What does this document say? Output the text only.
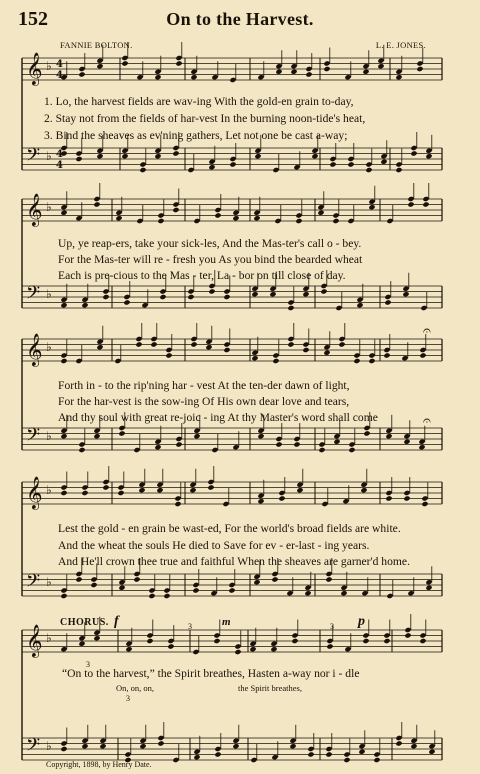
152	On to the Harvest.
FANNIE BOLTON.	L. E. JONES.
𝄞 ♭
𝄢 ♭
𝄞 ♭
𝄢 ♭
𝄞 ♭
𝄢 ♭
𝄞 ♭
𝄢 ♭
𝄞 ♭
𝄢 ♭
4
4
4
4
𝄐
𝄐
1. Lo, the harvest fields are wav-ing With the gold-en grain to-day,
2. Stay not from the fields of har-vest In the burning noon-tide's heat,
3. Bind the sheaves as ev'ning gathers, Let not one be cast a-way;
Up, ye reap-ers, take your sick-les, And the Mas-ter's call o - bey.
For the Mas-ter will re - fresh you As you bind the bearded wheat
Each is pre-cious to the Mas - ter, La - bor on till close of day.
Forth in - to the rip'ning har - vest At the ten-der dawn of light,
For the har-vest is the sow-ing Of His own dear love and tears,
And thy soul with great re-joic - ing At thy Master's word shall come
Lest the gold - en grain be wast-ed, For the world's broad fields are white.
And the wheat the souls He died to Save for ev - er-last - ing years.
And He'll crown thee true and faithful When the sheaves are garner'd home.
CHORUS. f	m	p
3
3	3
3
“On to the harvest,” the Spirit breathes, Hasten a-way nor i - dle
On, on, on,	the Spirit breathes,
Copyright, 1898, by Henry Date.
